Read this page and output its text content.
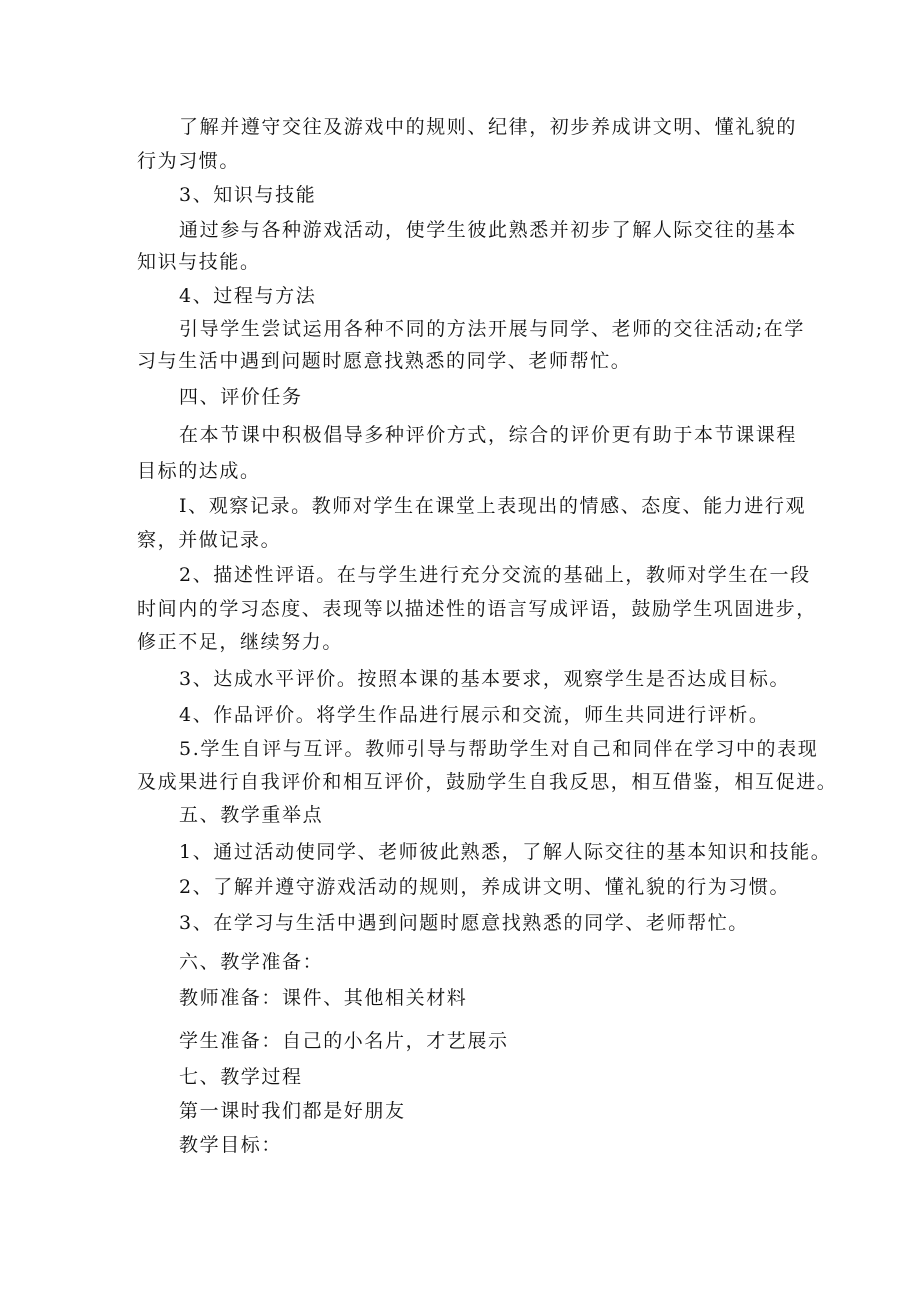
了解并遵守交往及游戏中的规则、纪律，初步养成讲文明、懂礼貌的
行为习惯。
3、知识与技能
通过参与各种游戏活动，使学生彼此熟悉并初步了解人际交往的基本
知识与技能。
4、过程与方法
引导学生尝试运用各种不同的方法开展与同学、老师的交往活动;在学
习与生活中遇到问题时愿意找熟悉的同学、老师帮忙。
四、评价任务
在本节课中积极倡导多种评价方式，综合的评价更有助于本节课课程
目标的达成。
I、观察记录。教师对学生在课堂上表现出的情感、态度、能力进行观
察，并做记录。
2、描述性评语。在与学生进行充分交流的基础上，教师对学生在一段
时间内的学习态度、表现等以描述性的语言写成评语，鼓励学生巩固进步，
修正不足，继续努力。
3、达成水平评价。按照本课的基本要求，观察学生是否达成目标。
4、作品评价。将学生作品进行展示和交流，师生共同进行评析。
5.学生自评与互评。教师引导与帮助学生对自己和同伴在学习中的表现
及成果进行自我评价和相互评价，鼓励学生自我反思，相互借鉴，相互促进。
五、教学重举点
1、通过活动使同学、老师彼此熟悉，了解人际交往的基本知识和技能。
2、了解并遵守游戏活动的规则，养成讲文明、懂礼貌的行为习惯。
3、在学习与生活中遇到问题时愿意找熟悉的同学、老师帮忙。
六、教学准备：
教师准备：课件、其他相关材料
学生准备：自己的小名片，才艺展示
七、教学过程
第一课时我们都是好朋友
教学目标：
